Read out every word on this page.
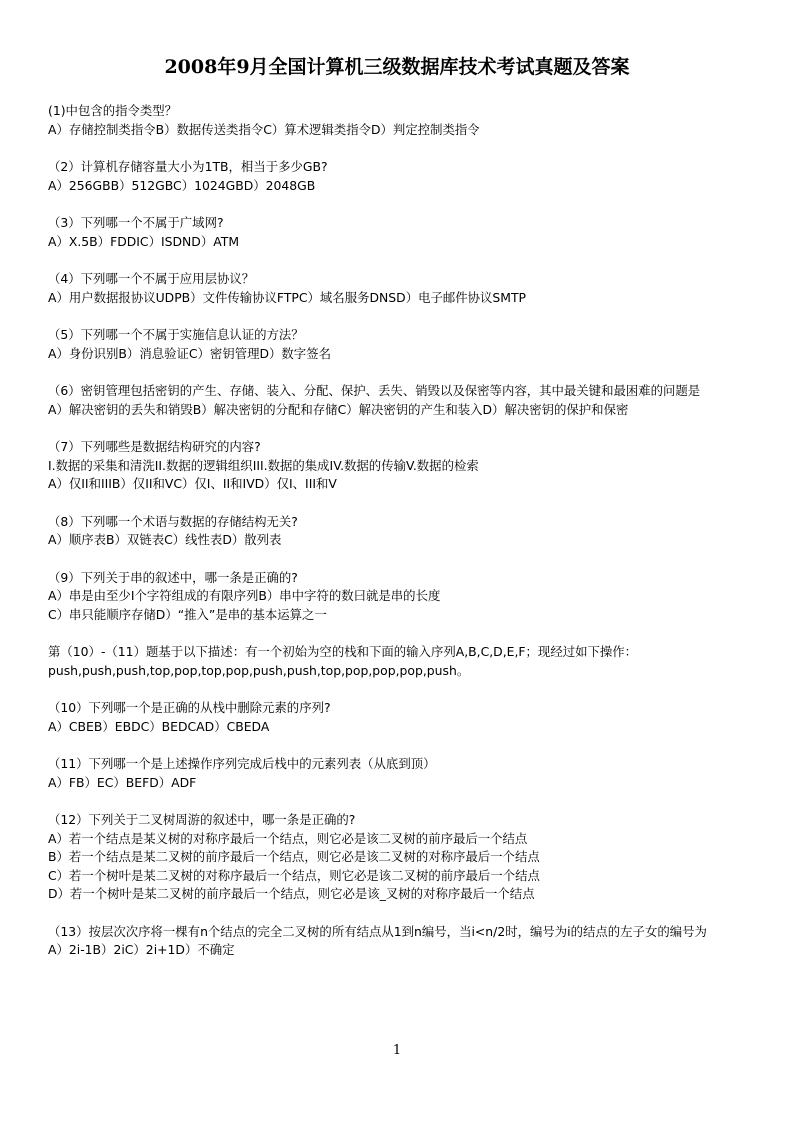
2008年9月全国计算机三级数据库技术考试真题及答案
(1)中包含的指令类型？
A）存储控制类指令B）数据传送类指令C）算术逻辑类指令D）判定控制类指令
（2）计算机存储容量大小为1TB，相当于多少GB?
A）256GBB）512GBC）1024GBD）2048GB
（3）下列哪一个不属于广域网?
A）X.5B）FDDIC）ISDND）ATM
（4）下列哪一个不属于应用层协议？
A）用户数据报协议UDPB）文件传输协议FTPC）域名服务DNSD）电子邮件协议SMTP
（5）下列哪一个不属于实施信息认证的方法？
A）身份识别B）消息验证C）密钥管理D）数字签名
（6）密钥管理包括密钥的产生、存储、装入、分配、保护、丢失、销毁以及保密等内容，其中最关键和最困难的问题是
A）解决密钥的丢失和销毁B）解决密钥的分配和存储C）解决密钥的产生和装入D）解决密钥的保护和保密
（7）下列哪些是数据结构研究的内容?
I.数据的采集和清洗II.数据的逻辑组织III.数据的集成IV.数据的传输V.数据的检索
A）仅II和IIIB）仅II和VC）仅I、II和IVD）仅I、III和V
（8）下列哪一个术语与数据的存储结构无关?
A）顺序表B）双链表C）线性表D）散列表
（9）下列关于串的叙述中，哪一条是正确的?
A）串是由至少I个字符组成的有限序列B）串中字符的数曰就是串的长度
C）串只能顺序存储D）“推入”是串的基本运算之一
第（10）-（11）题基于以下描述：有一个初始为空的栈和下面的输入序列A,B,C,D,E,F；现经过如下操作：
push,push,push,top,pop,top,pop,push,push,top,pop,pop,pop,push。
（10）下列哪一个是正确的从栈中删除元素的序列?
A）CBEB）EBDC）BEDCAD）CBEDA
（11）下列哪一个是上述操作序列完成后栈中的元素列表（从底到顶）
A）FB）EC）BEFD）ADF
（12）下列关于二叉树周游的叙述中，哪一条是正确的?
A）若一个结点是某义树的对称序最后一个结点，则它必是该二叉树的前序最后一个结点
B）若一个结点是某二叉树的前序最后一个结点，则它必是该二叉树的对称序最后一个结点
C）若一个树叶是某二叉树的对称序最后一个结点，则它必是该二叉树的前序最后一个结点
D）若一个树叶是某二叉树的前序最后一个结点，则它必是该_叉树的对称序最后一个结点
（13）按层次次序将一棵有n个结点的完全二叉树的所有结点从1到n编号，当i<n/2时，编号为i的结点的左子女的编号为
A）2i-1B）2iC）2i+1D）不确定
1
